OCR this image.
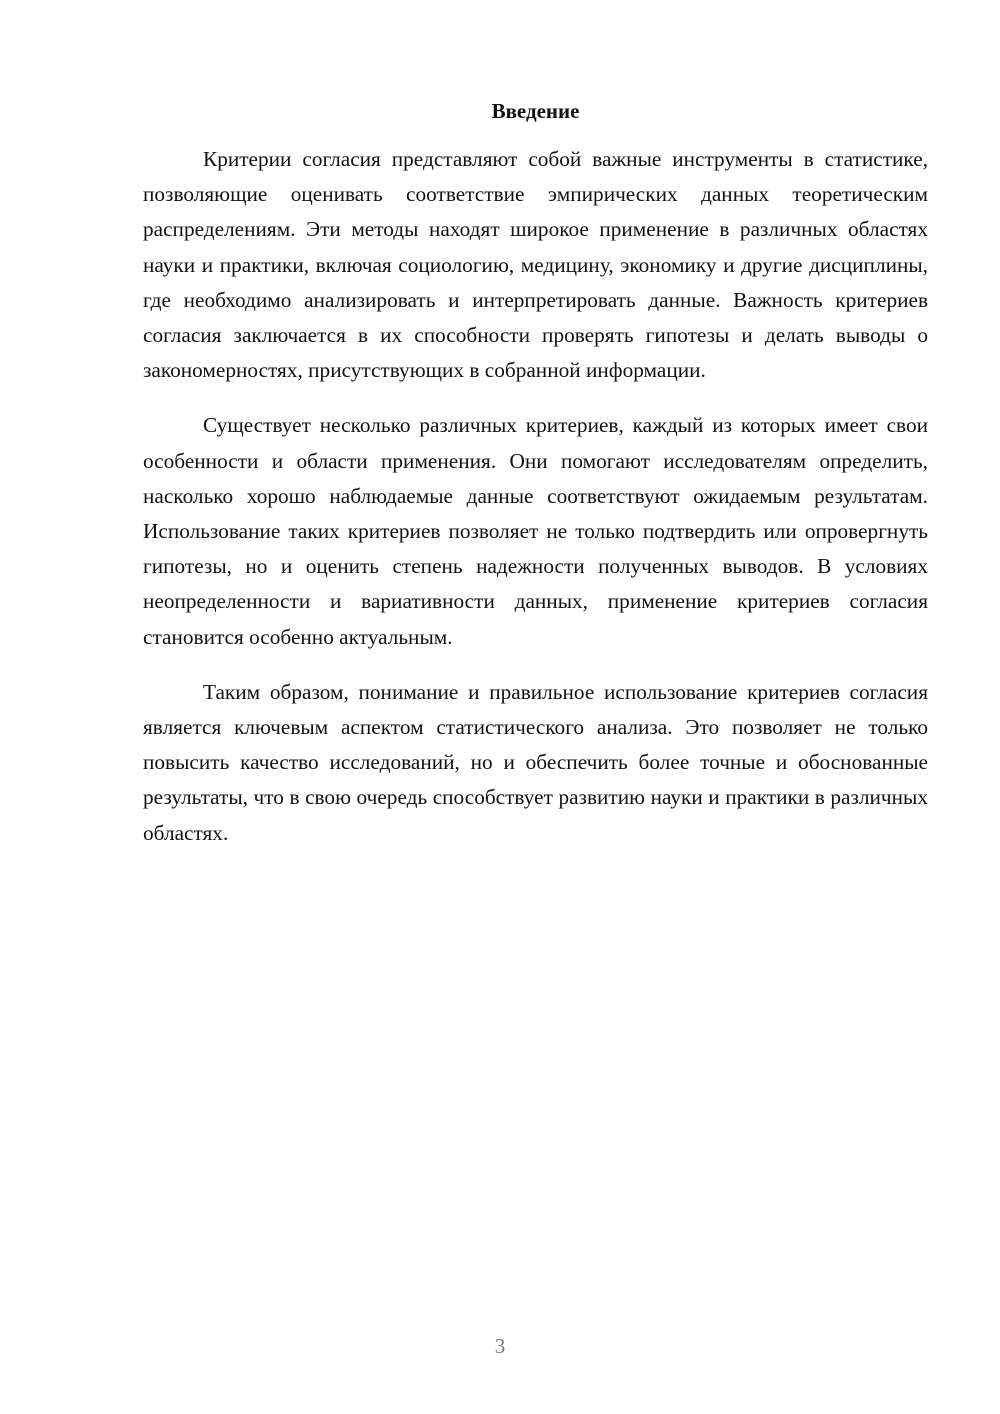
Введение

Критерии согласия представляют собой важные инструменты в статистике, позволяющие оценивать соответствие эмпирических данных теоретическим распределениям. Эти методы находят широкое применение в различных областях науки и практики, включая социологию, медицину, экономику и другие дисциплины, где необходимо анализировать и интерпретировать данные. Важность критериев согласия заключается в их способности проверять гипотезы и делать выводы о закономерностях, присутствующих в собранной информации.

Существует несколько различных критериев, каждый из которых имеет свои особенности и области применения. Они помогают исследователям определить, насколько хорошо наблюдаемые данные соответствуют ожидаемым результатам. Использование таких критериев позволяет не только подтвердить или опровергнуть гипотезы, но и оценить степень надежности полученных выводов. В условиях неопределенности и вариативности данных, применение критериев согласия становится особенно актуальным.

Таким образом, понимание и правильное использование критериев согласия является ключевым аспектом статистического анализа. Это позволяет не только повысить качество исследований, но и обеспечить более точные и обоснованные результаты, что в свою очередь способствует развитию науки и практики в различных областях.

3
